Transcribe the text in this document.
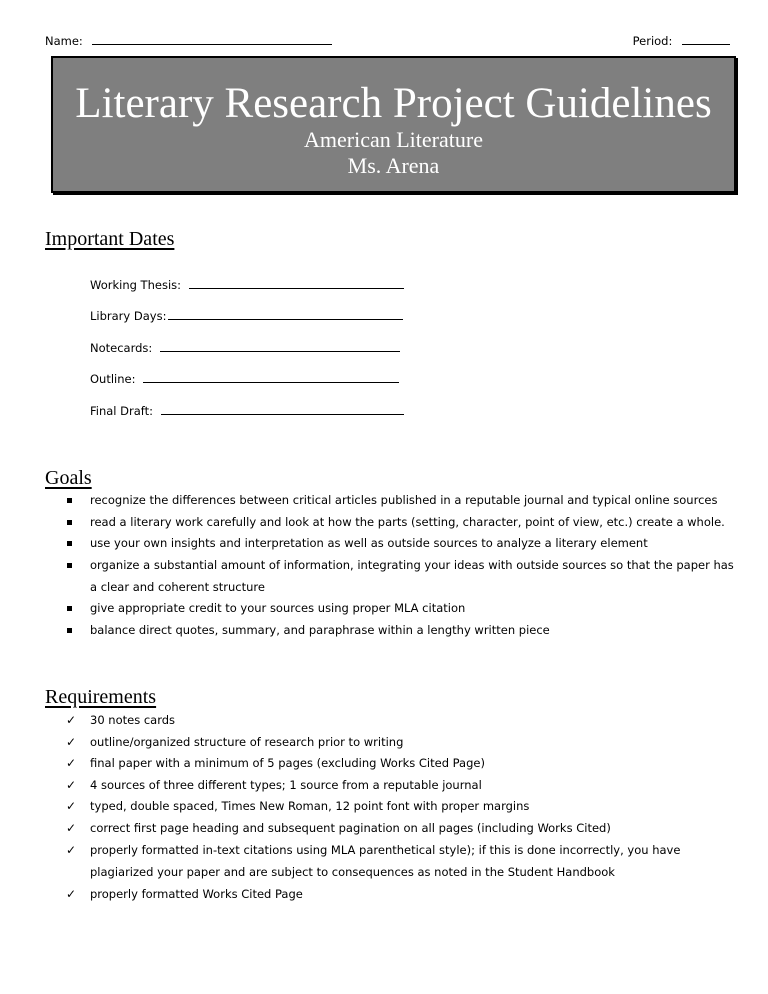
Name:	Period:
Literary Research Project Guidelines
American Literature
Ms. Arena
Important Dates
Working Thesis:
Library Days:
Notecards:
Outline:
Final Draft:
Goals
recognize the differences between critical articles published in a reputable journal and typical online sources
read a literary work carefully and look at how the parts (setting, character, point of view, etc.) create a whole.
use your own insights and interpretation as well as outside sources to analyze a literary element
organize a substantial amount of information, integrating your ideas with outside sources so that the paper has a clear and coherent structure
give appropriate credit to your sources using proper MLA citation
balance direct quotes, summary, and paraphrase within a lengthy written piece
Requirements
✓ 30 notes cards
✓ outline/organized structure of research prior to writing
✓ final paper with a minimum of 5 pages (excluding Works Cited Page)
✓ 4 sources of three different types; 1 source from a reputable journal
✓ typed, double spaced, Times New Roman, 12 point font with proper margins
✓ correct first page heading and subsequent pagination on all pages (including Works Cited)
✓ properly formatted in-text citations using MLA parenthetical style); if this is done incorrectly, you have plagiarized your paper and are subject to consequences as noted in the Student Handbook
✓ properly formatted Works Cited Page
